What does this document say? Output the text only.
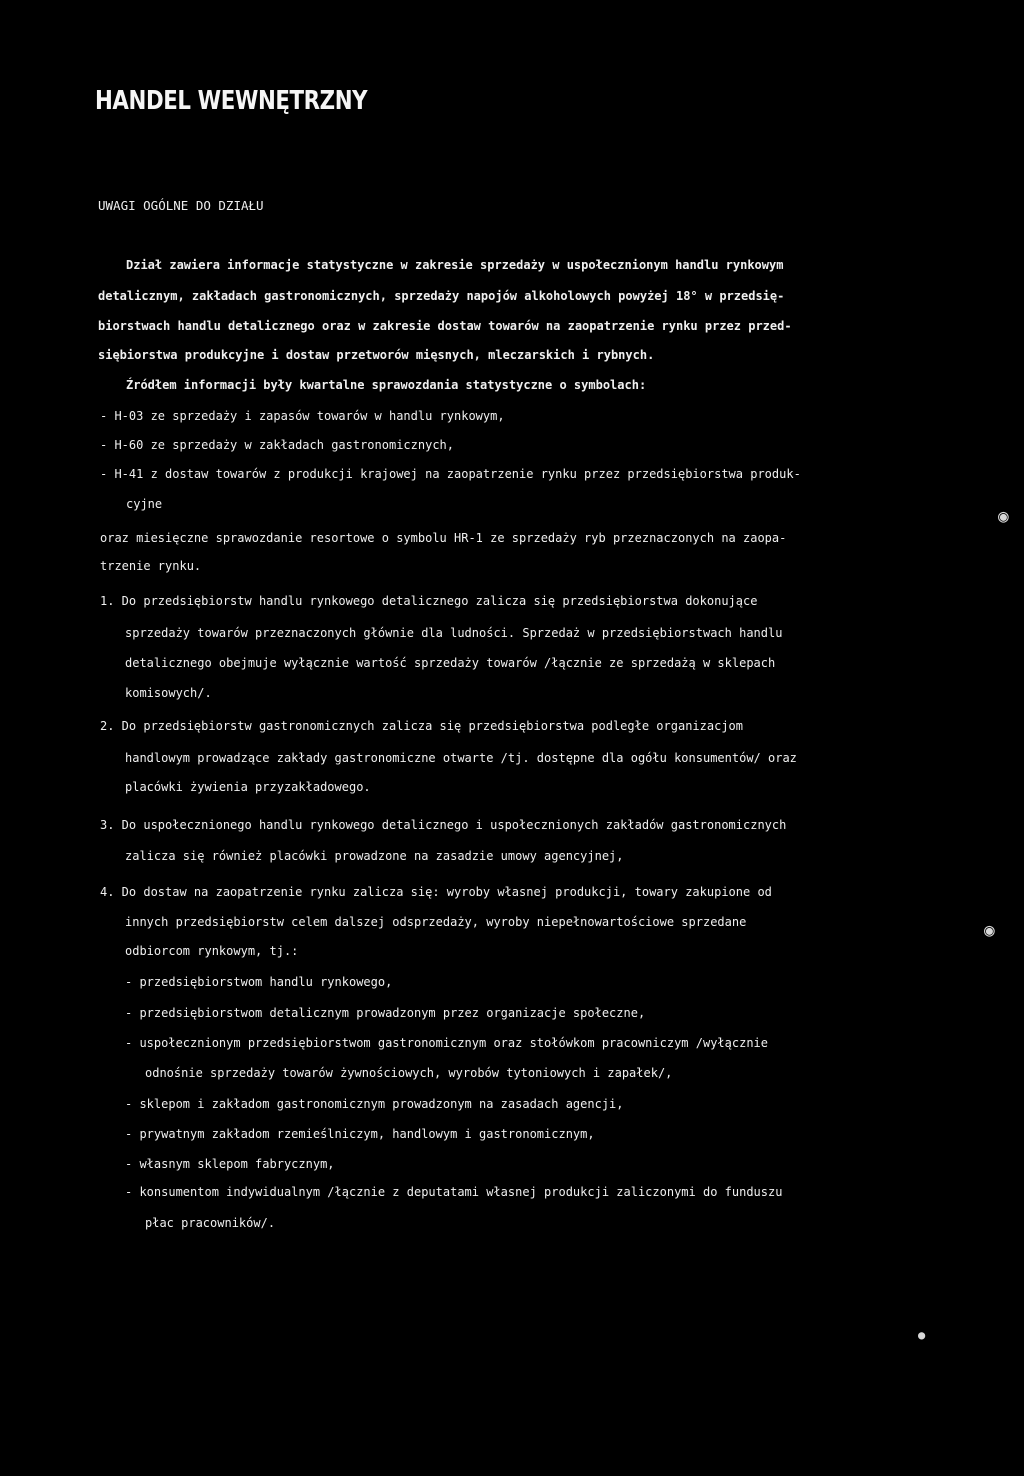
HANDEL WEWNĘTRZNY
UWAGI OGÓLNE DO DZIAŁU
Dział zawiera informacje statystyczne w zakresie sprzedaży w uspołecznionym handlu rynkowym
detalicznym, zakładach gastronomicznych, sprzedaży napojów alkoholowych powyżej 18° w przedsię-
biorstwach handlu detalicznego oraz w zakresie dostaw towarów na zaopatrzenie rynku przez przed-
siębiorstwa produkcyjne i dostaw przetworów mięsnych, mleczarskich i rybnych.
Źródłem informacji były kwartalne sprawozdania statystyczne o symbolach:
- H-03 ze sprzedaży i zapasów towarów w handlu rynkowym,
- H-60 ze sprzedaży w zakładach gastronomicznych,
- H-41 z dostaw towarów z produkcji krajowej na zaopatrzenie rynku przez przedsiębiorstwa produk-
cyjne
oraz miesięczne sprawozdanie resortowe o symbolu HR-1 ze sprzedaży ryb przeznaczonych na zaopa-
trzenie rynku.
1. Do przedsiębiorstw handlu rynkowego detalicznego zalicza się przedsiębiorstwa dokonujące
sprzedaży towarów przeznaczonych głównie dla ludności. Sprzedaż w przedsiębiorstwach handlu
detalicznego obejmuje wyłącznie wartość sprzedaży towarów /łącznie ze sprzedażą w sklepach
komisowych/.
2. Do przedsiębiorstw gastronomicznych zalicza się przedsiębiorstwa podległe organizacjom
handlowym prowadzące zakłady gastronomiczne otwarte /tj. dostępne dla ogółu konsumentów/ oraz
placówki żywienia przyzakładowego.
3. Do uspołecznionego handlu rynkowego detalicznego i uspołecznionych zakładów gastronomicznych
zalicza się również placówki prowadzone na zasadzie umowy agencyjnej,
4. Do dostaw na zaopatrzenie rynku zalicza się: wyroby własnej produkcji, towary zakupione od
innych przedsiębiorstw celem dalszej odsprzedaży, wyroby niepełnowartościowe sprzedane
odbiorcom rynkowym, tj.:
- przedsiębiorstwom handlu rynkowego,
- przedsiębiorstwom detalicznym prowadzonym przez organizacje społeczne,
- uspołecznionym przedsiębiorstwom gastronomicznym oraz stołówkom pracowniczym /wyłącznie
odnośnie sprzedaży towarów żywnościowych, wyrobów tytoniowych i zapałek/,
- sklepom i zakładom gastronomicznym prowadzonym na zasadach agencji,
- prywatnym zakładom rzemieślniczym, handlowym i gastronomicznym,
- własnym sklepom fabrycznym,
- konsumentom indywidualnym /łącznie z deputatami własnej produkcji zaliczonymi do funduszu
płac pracowników/.
◉
◉
●
